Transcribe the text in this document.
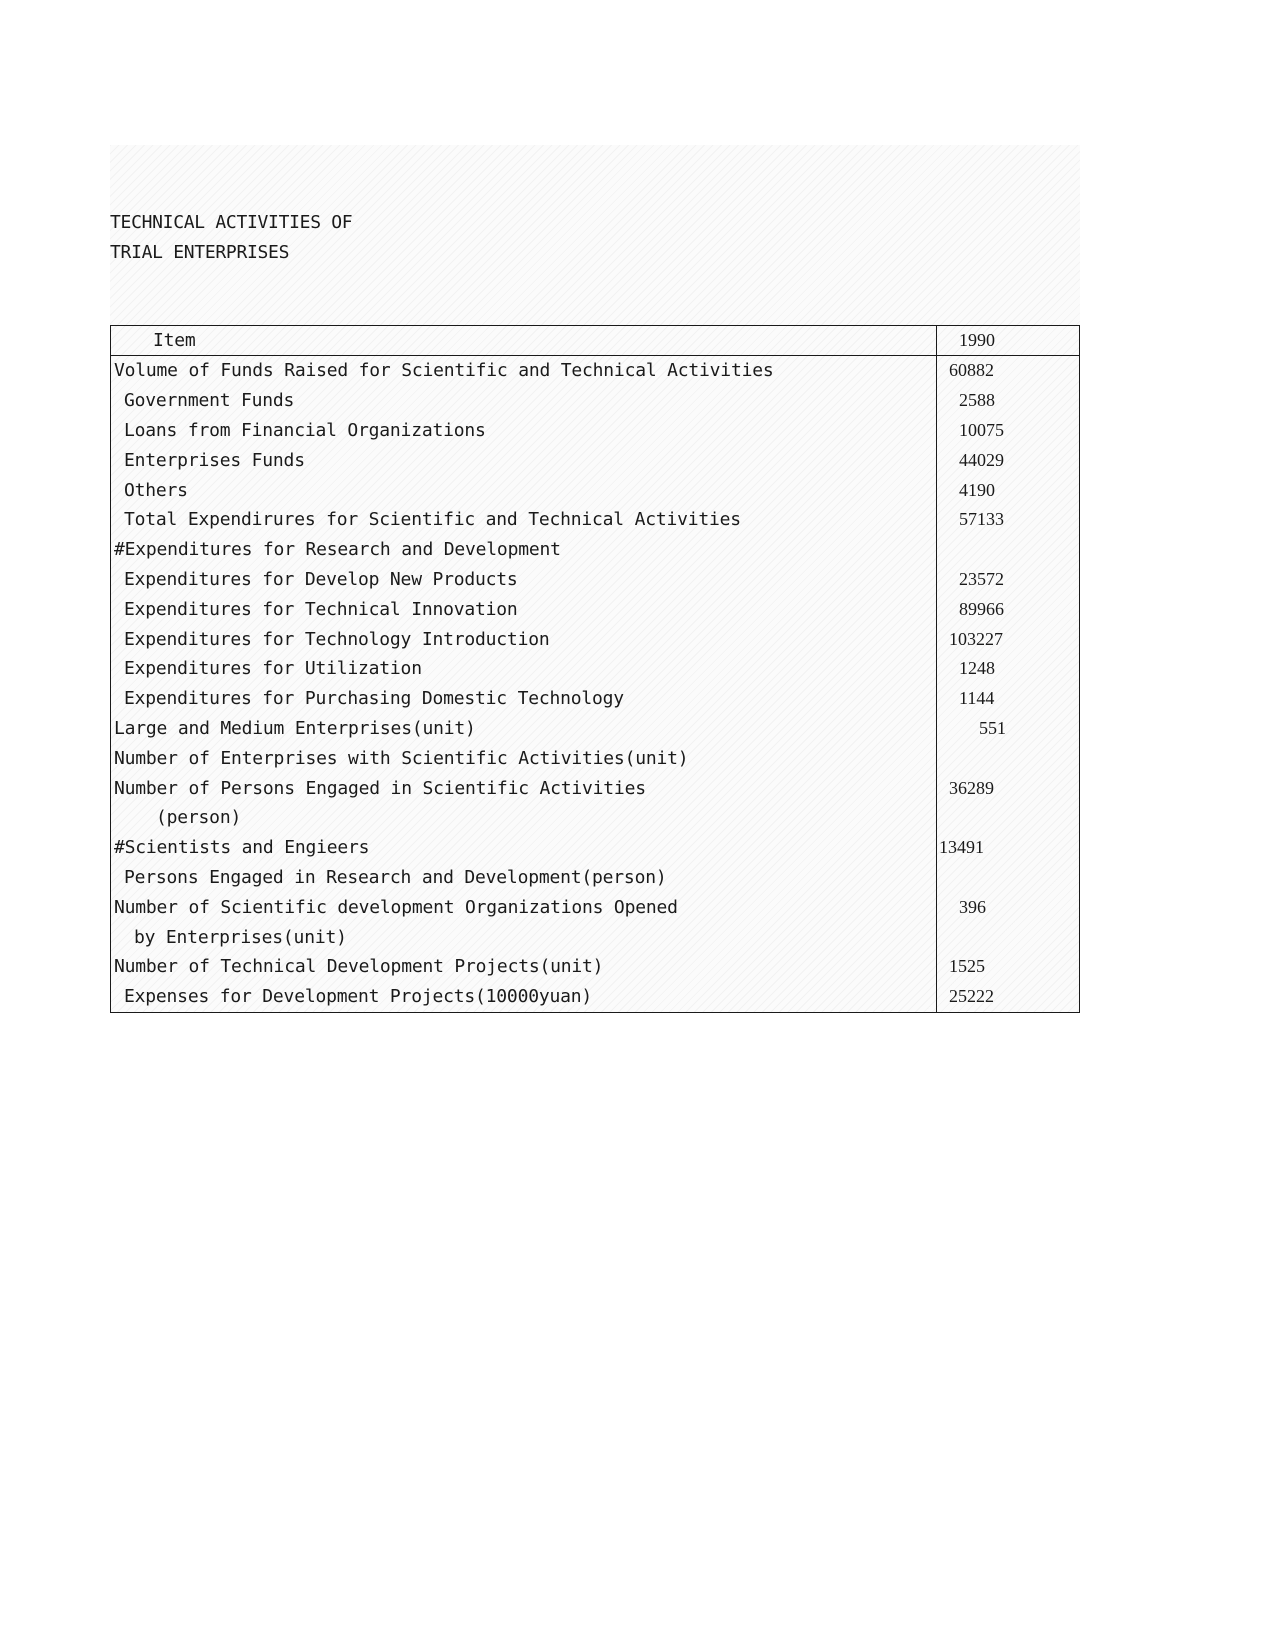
TECHNICAL ACTIVITIES OF
TRIAL ENTERPRISES
Item	1990
Volume of Funds Raised for Scientific and Technical Activities	60882
Government Funds	2588
Loans from Financial Organizations	10075
Enterprises Funds	44029
Others	4190
Total Expendirures for Scientific and Technical Activities	57133
#Expenditures for Research and Development
Expenditures for Develop New Products	23572
Expenditures for Technical Innovation	89966
Expenditures for Technology Introduction	103227
Expenditures for Utilization	1248
Expenditures for Purchasing Domestic Technology	1144
Large and Medium Enterprises(unit)	551
Number of Enterprises with Scientific Activities(unit)
Number of Persons Engaged in Scientific Activities	36289
(person)
#Scientists and Engieers	13491
Persons Engaged in Research and Development(person)
Number of Scientific development Organizations Opened	396
by Enterprises(unit)
Number of Technical Development Projects(unit)	1525
Expenses for Development Projects(10000yuan)	25222
